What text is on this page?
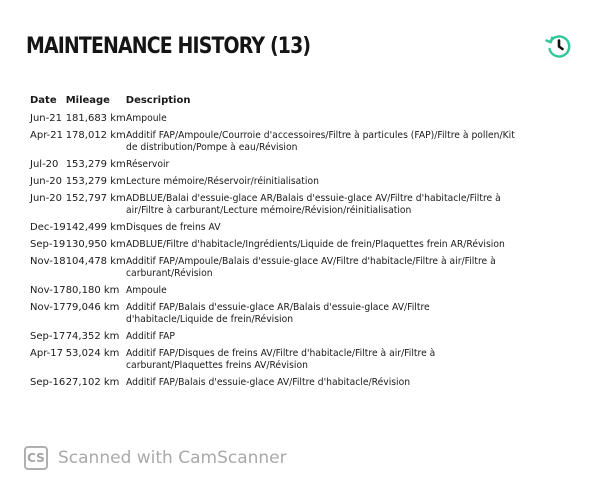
MAINTENANCE HISTORY (13)
Date	Mileage	Description
Jun-21	181,683 km	Ampoule

Apr-21	178,012 km	Additif FAP/Ampoule/Courroie d'accessoires/Filtre à particules (FAP)/Filtre à pollen/Kit de distribution/Pompe à eau/Révision

Jul-20	153,279 km	Réservoir

Jun-20	153,279 km	Lecture mémoire/Réservoir/réinitialisation

Jun-20	152,797 km	ADBLUE/Balai d'essuie-glace AR/Balais d'essuie-glace AV/Filtre d'habitacle/Filtre à air/Filtre à carburant/Lecture mémoire/Révision/réinitialisation

Dec-19	142,499 km	Disques de freins AV

Sep-19	130,950 km	ADBLUE/Filtre d'habitacle/Ingrédients/Liquide de frein/Plaquettes frein AR/Révision

Nov-18	104,478 km	Additif FAP/Ampoule/Balais d'essuie-glace AV/Filtre d'habitacle/Filtre à air/Filtre à carburant/Révision

Nov-17	80,180 km	Ampoule

Nov-17	79,046 km	Additif FAP/Balais d'essuie-glace AR/Balais d'essuie-glace AV/Filtre d'habitacle/Liquide de frein/Révision

Sep-17	74,352 km	Additif FAP

Apr-17	53,024 km	Additif FAP/Disques de freins AV/Filtre d'habitacle/Filtre à air/Filtre à carburant/Plaquettes freins AV/Révision

Sep-16	27,102 km	Additif FAP/Balais d'essuie-glace AV/Filtre d'habitacle/Révision
CS Scanned with CamScanner
